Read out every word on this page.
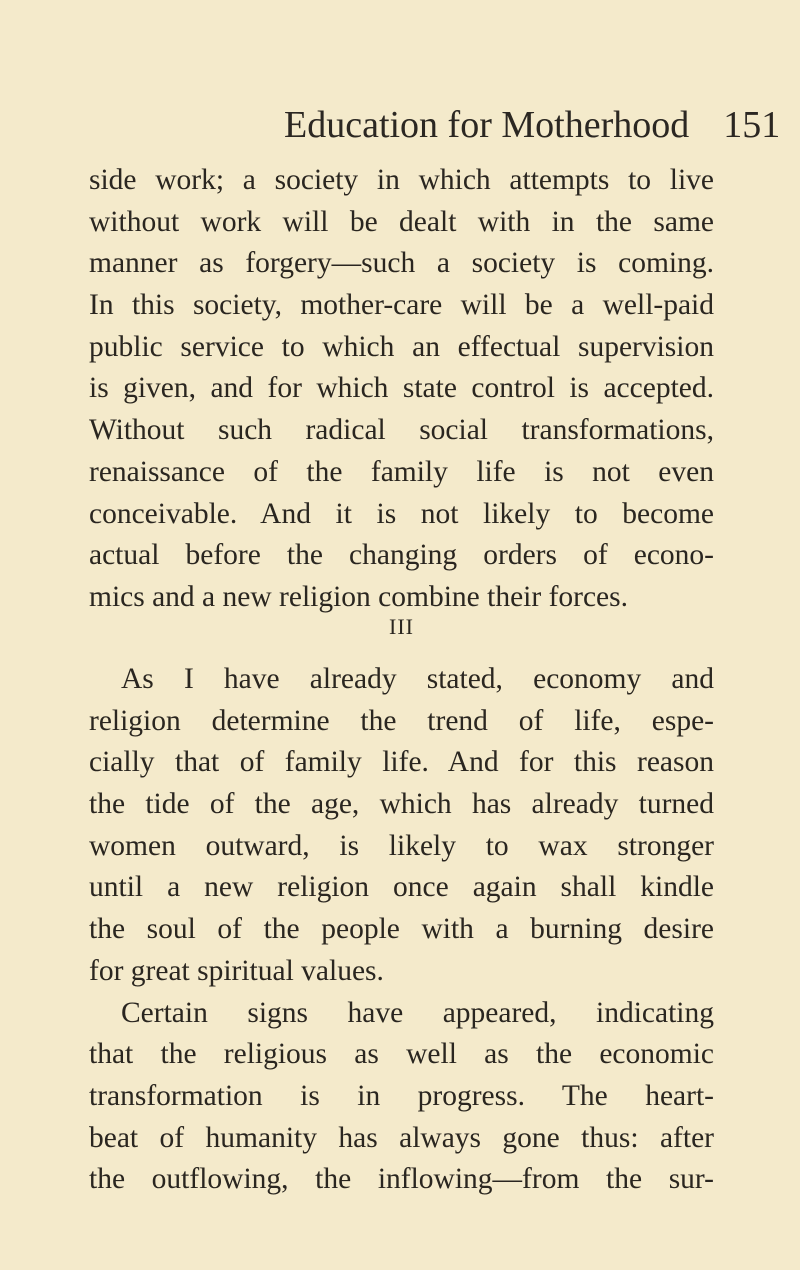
Education for Motherhood 151
side work; a society in which attempts to live
without work will be dealt with in the same
manner as forgery—such a society is coming.
In this society, mother-care will be a well-paid
public service to which an effectual supervision
is given, and for which state control is accepted.
Without such radical social transformations,
renaissance of the family life is not even
conceivable. And it is not likely to become
actual before the changing orders of econo-
mics and a new religion combine their forces.
III
As I have already stated, economy and
religion determine the trend of life, espe-
cially that of family life. And for this reason
the tide of the age, which has already turned
women outward, is likely to wax stronger
until a new religion once again shall kindle
the soul of the people with a burning desire
for great spiritual values.
Certain signs have appeared, indicating
that the religious as well as the economic
transformation is in progress. The heart-
beat of humanity has always gone thus: after
the outflowing, the inflowing—from the sur-
